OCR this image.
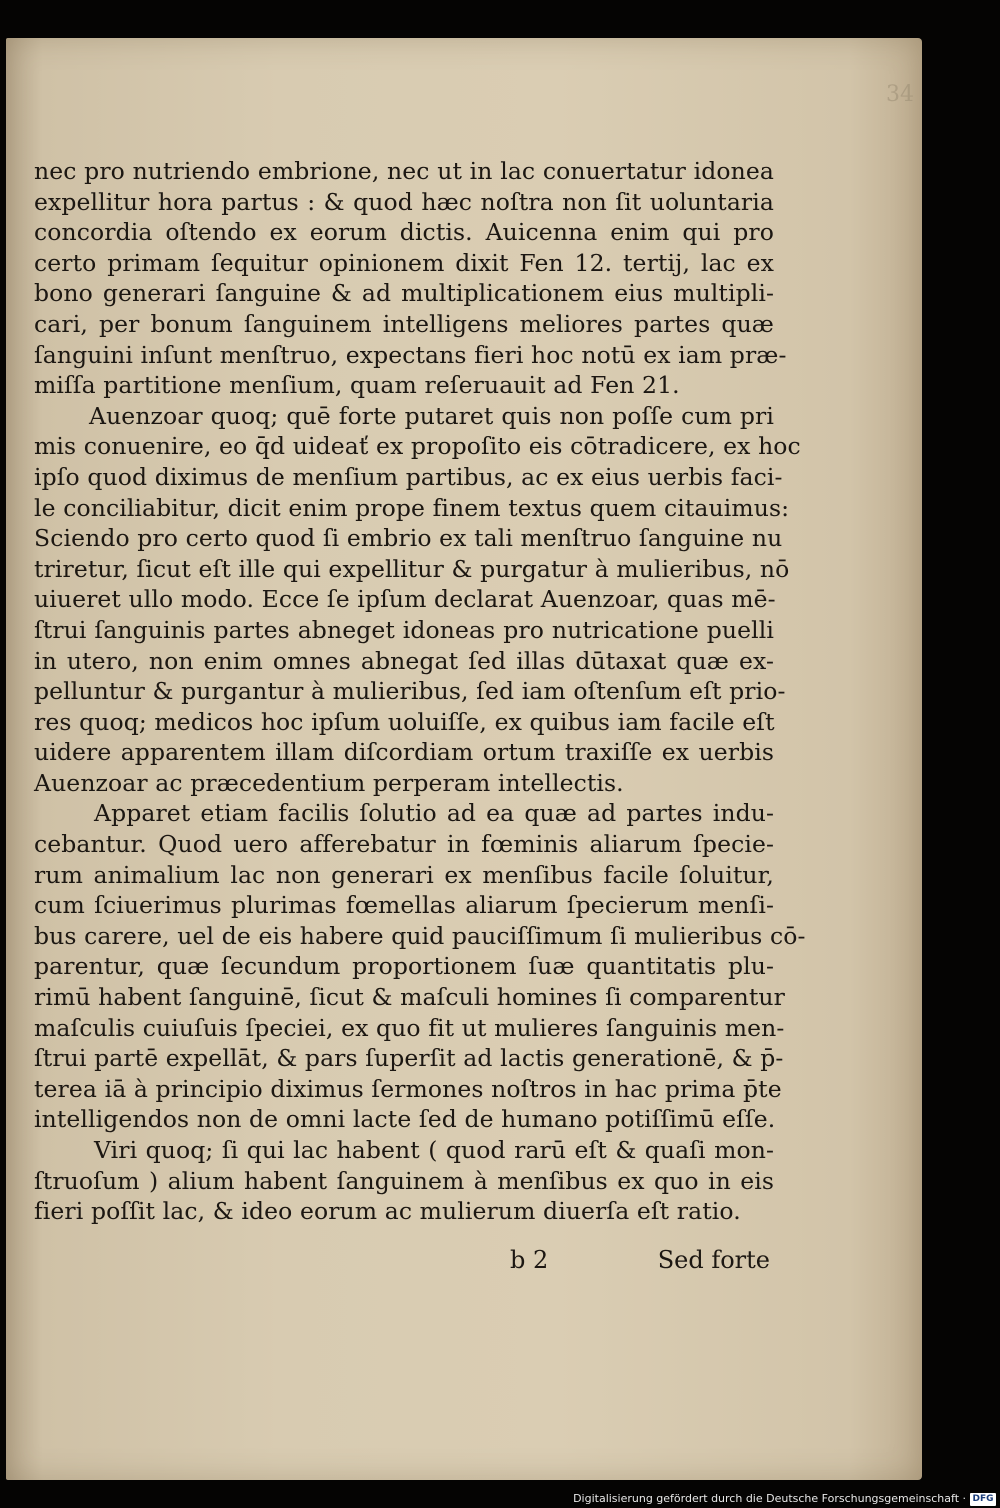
34
nec pro nutriendo embrione, nec ut in lac conuertatur idonea
expellitur hora partus : & quod hæc noſtra non ſit uoluntaria
concordia oſtendo ex eorum dictis. Auicenna enim qui pro
certo primam ſequitur opinionem dixit Fen 12. tertij, lac ex
bono generari ſanguine & ad multiplicationem eius multipli-
cari, per bonum ſanguinem intelligens meliores partes quæ
ſanguini inſunt menſtruo, expectans fieri hoc notū ex iam præ-
miſſa partitione menſium, quam reſeruauit ad Fen 21.
Auenzoar quoq; quē forte putaret quis non poſſe cum pri
mis conuenire, eo q̄d uideať ex propoſito eis cōtradicere, ex hoc
ipſo quod diximus de menſium partibus, ac ex eius uerbis faci-
le conciliabitur, dicit enim prope finem textus quem citauimus:
Sciendo pro certo quod ſi embrio ex tali menſtruo ſanguine nu
triretur, ſicut eſt ille qui expellitur & purgatur à mulieribus, nō
uiueret ullo modo. Ecce ſe ipſum declarat Auenzoar, quas mē-
ſtrui ſanguinis partes abneget idoneas pro nutricatione puelli
in utero, non enim omnes abnegat ſed illas dūtaxat quæ ex-
pelluntur & purgantur à mulieribus, ſed iam oſtenſum eſt prio-
res quoq; medicos hoc ipſum uoluiſſe, ex quibus iam facile eſt
uidere apparentem illam diſcordiam ortum traxiſſe ex uerbis
Auenzoar ac præcedentium perperam intellectis.
Apparet etiam facilis ſolutio ad ea quæ ad partes indu-
cebantur. Quod uero afferebatur in fœminis aliarum ſpecie-
rum animalium lac non generari ex menſibus facile ſoluitur,
cum ſciuerimus plurimas fœmellas aliarum ſpecierum menſi-
bus carere, uel de eis habere quid pauciſſimum ſi mulieribus cō-
parentur, quæ ſecundum proportionem ſuæ quantitatis plu-
rimū habent ſanguinē, ſicut & maſculi homines ſi comparentur
maſculis cuiuſuis ſpeciei, ex quo fit ut mulieres ſanguinis men-
ſtrui partē expellāt, & pars ſuperſit ad lactis generationē, & p̄-
terea iā à principio diximus ſermones noſtros in hac prima p̄te
intelligendos non de omni lacte ſed de humano potiſſimū eſſe.
Viri quoq; ſi qui lac habent ( quod rarū eſt & quaſi mon-
ſtruoſum ) alium habent ſanguinem à menſibus ex quo in eis
fieri poſſit lac, & ideo eorum ac mulierum diuerſa eſt ratio.
b 2	Sed forte
Digitalisierung gefördert durch die Deutsche Forschungsgemeinschaft · DFG
